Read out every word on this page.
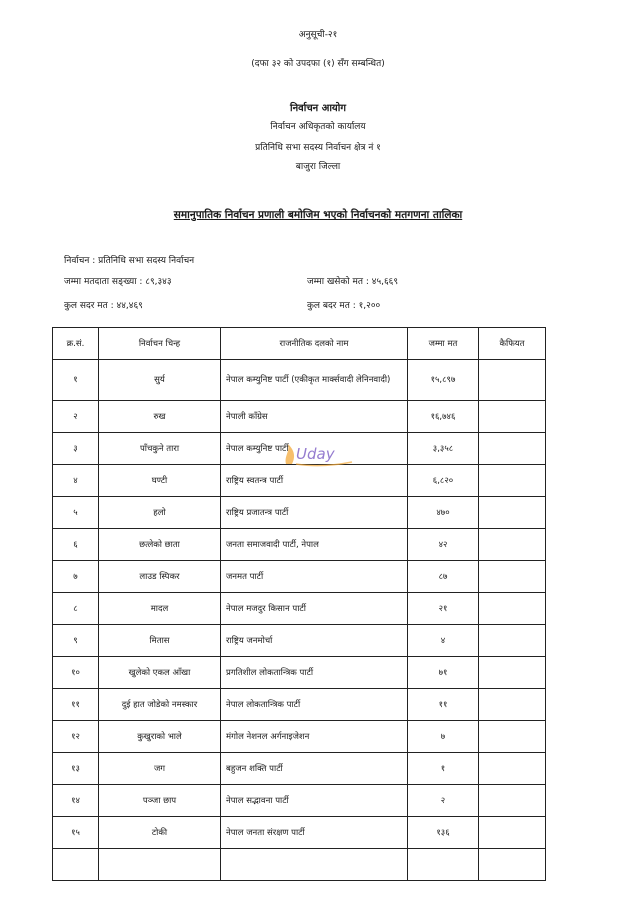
अनुसूची-२१
(दफा ३२ को उपदफा (१) सँग सम्बन्धित)
निर्वाचन आयोग
निर्वाचन अधिकृतको कार्यालय
प्रतिनिधि सभा सदस्य निर्वाचन क्षेत्र नं १
बाजुरा जिल्ला
समानुपातिक निर्वाचन प्रणाली बमोजिम भएको निर्वाचनको मतगणना तालिका
निर्वाचन : प्रतिनिधि सभा सदस्य निर्वाचन
जम्मा मतदाता सङ्ख्या : ८९,३४३	जम्मा खसेको मत : ४५,६६९
कुल सदर मत : ४४,४६९	कुल बदर मत : १,२००
क्र.सं.	निर्वाचन चिन्ह	राजनीतिक दलको नाम	जम्मा मत	कैफियत
१	सुर्य	नेपाल कम्युनिष्ट पार्टी (एकीकृत मार्क्सवादी लेनिनवादी)	१५,८९७	
२	रुख	नेपाली काँग्रेस	१६,७४६	
३	पाँचकुने तारा	नेपाल कम्युनिष्ट पार्टी	३,३५८	
४	घण्टी	राष्ट्रिय स्वतन्त्र पार्टी	६,८२०	
५	हलो	राष्ट्रिय प्रजातन्त्र पार्टी	४७०	
६	छत्लेको छाता	जनता समाजवादी पार्टी, नेपाल	४२	
७	लाउड स्पिकर	जनमत पार्टी	८७	
८	मादल	नेपाल मजदुर किसान पार्टी	२१	
९	मितास	राष्ट्रिय जनमोर्चा	४	
१०	खुलेको एकल आँखा	प्रगतिशील लोकतान्त्रिक पार्टी	७१	
११	दुई हात जोडेको नमस्कार	नेपाल लोकतान्त्रिक पार्टी	११	
१२	कुखुराको भाले	मंगोल नेशनल अर्गनाइजेशन	७	
१३	जग	बहुजन शक्ति पार्टी	१	
१४	पञ्जा छाप	नेपाल सद्भावना पार्टी	२	
१५	टोकी	नेपाल जनता संरक्षण पार्टी	१३६	

Uday
